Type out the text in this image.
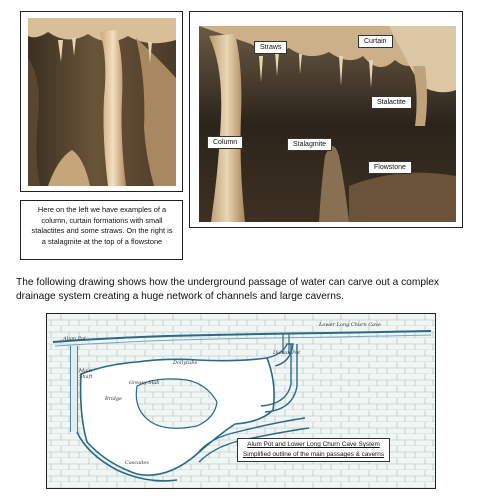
Straws
Curtain
Stalactite
Column	Stalagmite
Flowstone
Here on the left we have examples of a column, curtain formations with small stalactites and some straws. On the right is a stalagmite at the top of a flowstone
The following drawing shows how the underground passage of water can carve out a complex drainage system creating a huge network of channels and large caverns.
Alum Pot
Lower Long Churn Cave
Main Shaft
Dollytubs
Diccan Pot
Greasy Slab
Bridge
Cascades
Alum Pot and Lower Long Churn Cave System
Simplified outline of the main passages & caverns
